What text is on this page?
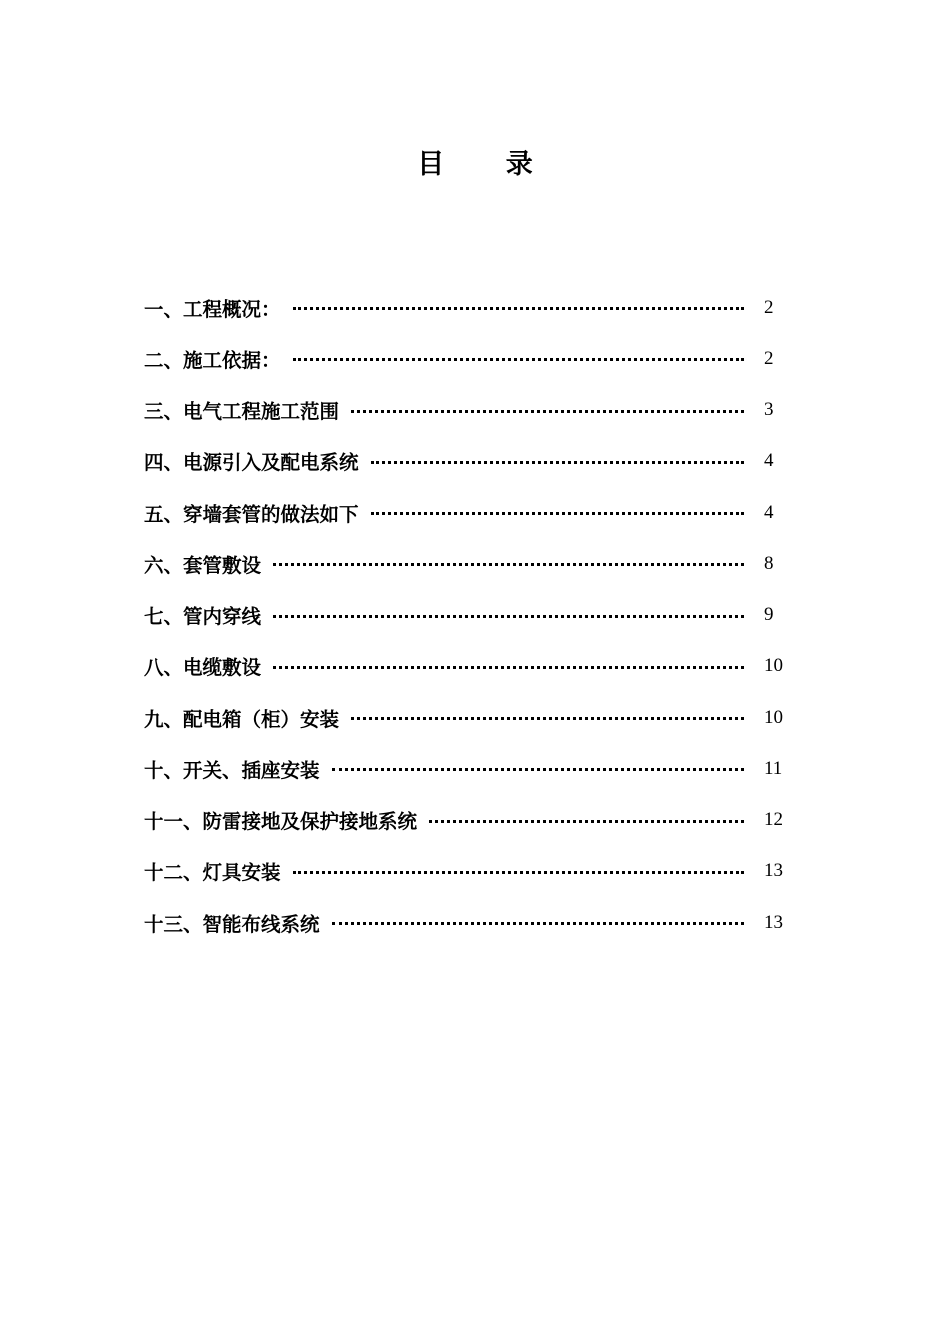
目 录
一、工程概况：	2
二、施工依据：	2
三、电气工程施工范围	3
四、电源引入及配电系统	4
五、穿墙套管的做法如下	4
六、套管敷设	8
七、管内穿线	9
八、电缆敷设	10
九、配电箱（柜）安装	10
十、开关、插座安装	11
十一、防雷接地及保护接地系统	12
十二、灯具安装	13
十三、智能布线系统	13
